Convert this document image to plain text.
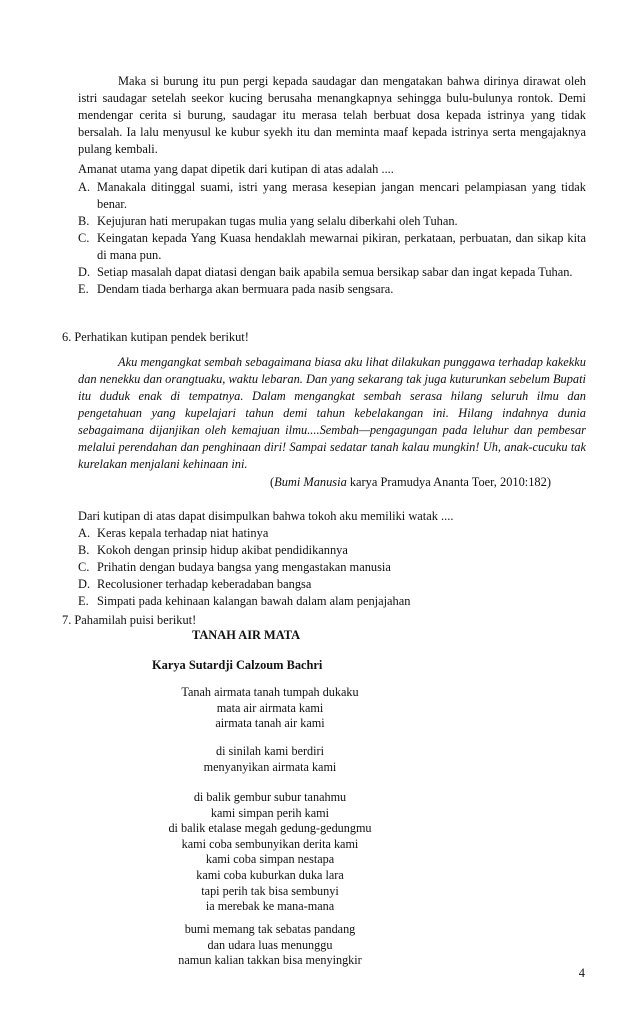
Maka si burung itu pun pergi kepada saudagar dan mengatakan bahwa dirinya dirawat oleh istri saudagar setelah seekor kucing berusaha menangkapnya sehingga bulu-bulunya rontok. Demi mendengar cerita si burung, saudagar itu merasa telah berbuat dosa kepada istrinya yang tidak bersalah. Ia lalu menyusul ke kubur syekh itu dan meminta maaf kepada istrinya serta mengajaknya pulang kembali.

Amanat utama yang dapat dipetik dari kutipan di atas adalah ....

A. Manakala ditinggal suami, istri yang merasa kesepian jangan mencari pelampiasan yang tidak benar.
B. Kejujuran hati merupakan tugas mulia yang selalu diberkahi oleh Tuhan.
C. Keingatan kepada Yang Kuasa hendaklah mewarnai pikiran, perkataan, perbuatan, dan sikap kita di mana pun.
D. Setiap masalah dapat diatasi dengan baik apabila semua bersikap sabar dan ingat kepada Tuhan.
E. Dendam tiada berharga akan bermuara pada nasib sengsara.

6. Perhatikan kutipan pendek berikut!

Aku mengangkat sembah sebagaimana biasa aku lihat dilakukan punggawa terhadap kakekku dan nenekku dan orangtuaku, waktu lebaran. Dan yang sekarang tak juga kuturunkan sebelum Bupati itu duduk enak di tempatnya. Dalam mengangkat sembah serasa hilang seluruh ilmu dan pengetahuan yang kupelajari tahun demi tahun kebelakangan ini. Hilang indahnya dunia sebagaimana dijanjikan oleh kemajuan ilmu....Sembah—pengagungan pada leluhur dan pembesar melalui perendahan dan penghinaan diri! Sampai sedatar tanah kalau mungkin! Uh, anak-cucuku tak kurelakan menjalani kehinaan ini.

(Bumi Manusia karya Pramudya Ananta Toer, 2010:182)

Dari kutipan di atas dapat disimpulkan bahwa tokoh aku memiliki watak ....

A. Keras kepala terhadap niat hatinya
B. Kokoh dengan prinsip hidup akibat pendidikannya
C. Prihatin dengan budaya bangsa yang mengastakan manusia
D. Recolusioner terhadap keberadaban bangsa
E. Simpati pada kehinaan kalangan bawah dalam alam penjajahan

7. Pahamilah puisi berikut!

TANAH AIR MATA
Karya Sutardji Calzoum Bachri
Tanah airmata tanah tumpah dukaku
mata air airmata kami
airmata tanah air kami
di sinilah kami berdiri
menyanyikan airmata kami
di balik gembur subur tanahmu
kami simpan perih kami
di balik etalase megah gedung-gedungmu
kami coba sembunyikan derita kami
kami coba simpan nestapa
kami coba kuburkan duka lara
tapi perih tak bisa sembunyi
ia merebak ke mana-mana
bumi memang tak sebatas pandang
dan udara luas menunggu
namun kalian takkan bisa menyingkir
4
